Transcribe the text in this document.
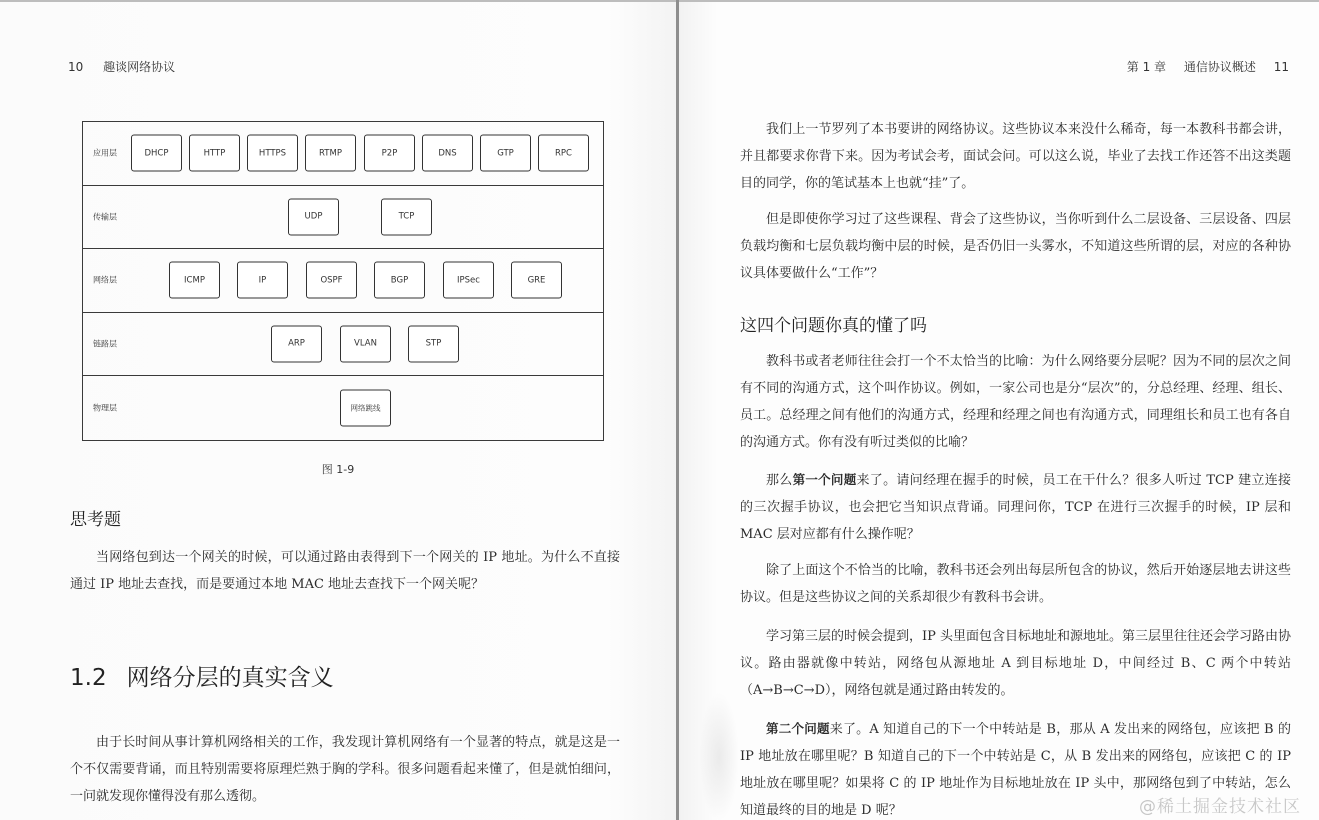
10 趣谈网络协议
应用层	DHCP	HTTP	HTTPS	RTMP	P2P	DNS	GTP	RPC
传输层	UDP	TCP
网络层	ICMP	IP	OSPF	BGP	IPSec	GRE
链路层	ARP	VLAN	STP
物理层	网络跳线
图 1-9
思考题

当网络包到达一个网关的时候，可以通过路由表得到下一个网关的 IP 地址。为什么不直接通过 IP 地址去查找，而是要通过本地 MAC 地址去查找下一个网关呢？

1.2 网络分层的真实含义

由于长时间从事计算机网络相关的工作，我发现计算机网络有一个显著的特点，就是这是一个不仅需要背诵，而且特别需要将原理烂熟于胸的学科。很多问题看起来懂了，但是就怕细问，一问就发现你懂得没有那么透彻。

第 1 章 通信协议概述 11

我们上一节罗列了本书要讲的网络协议。这些协议本来没什么稀奇，每一本教科书都会讲，并且都要求你背下来。因为考试会考，面试会问。可以这么说，毕业了去找工作还答不出这类题目的同学，你的笔试基本上也就“挂”了。

但是即使你学习过了这些课程、背会了这些协议，当你听到什么二层设备、三层设备、四层负载均衡和七层负载均衡中层的时候，是否仍旧一头雾水，不知道这些所谓的层，对应的各种协议具体要做什么“工作”？

这四个问题你真的懂了吗

教科书或者老师往往会打一个不太恰当的比喻：为什么网络要分层呢？因为不同的层次之间有不同的沟通方式，这个叫作协议。例如，一家公司也是分“层次”的，分总经理、经理、组长、员工。总经理之间有他们的沟通方式，经理和经理之间也有沟通方式，同理组长和员工也有各自的沟通方式。你有没有听过类似的比喻？

那么第一个问题来了。请问经理在握手的时候，员工在干什么？很多人听过 TCP 建立连接的三次握手协议，也会把它当知识点背诵。同理问你，TCP 在进行三次握手的时候，IP 层和 MAC 层对应都有什么操作呢？

除了上面这个不恰当的比喻，教科书还会列出每层所包含的协议，然后开始逐层地去讲这些协议。但是这些协议之间的关系却很少有教科书会讲。

学习第三层的时候会提到，IP 头里面包含目标地址和源地址。第三层里往往还会学习路由协议。路由器就像中转站，网络包从源地址 A 到目标地址 D，中间经过 B、C 两个中转站（A→B→C→D），网络包就是通过路由转发的。

第二个问题来了。A 知道自己的下一个中转站是 B，那从 A 发出来的网络包，应该把 B 的 IP 地址放在哪里呢？B 知道自己的下一个中转站是 C，从 B 发出来的网络包，应该把 C 的 IP 地址放在哪里呢？如果将 C 的 IP 地址作为目标地址放在 IP 头中，那网络包到了中转站，怎么知道最终的目的地是 D 呢？	@稀土掘金技术社区
